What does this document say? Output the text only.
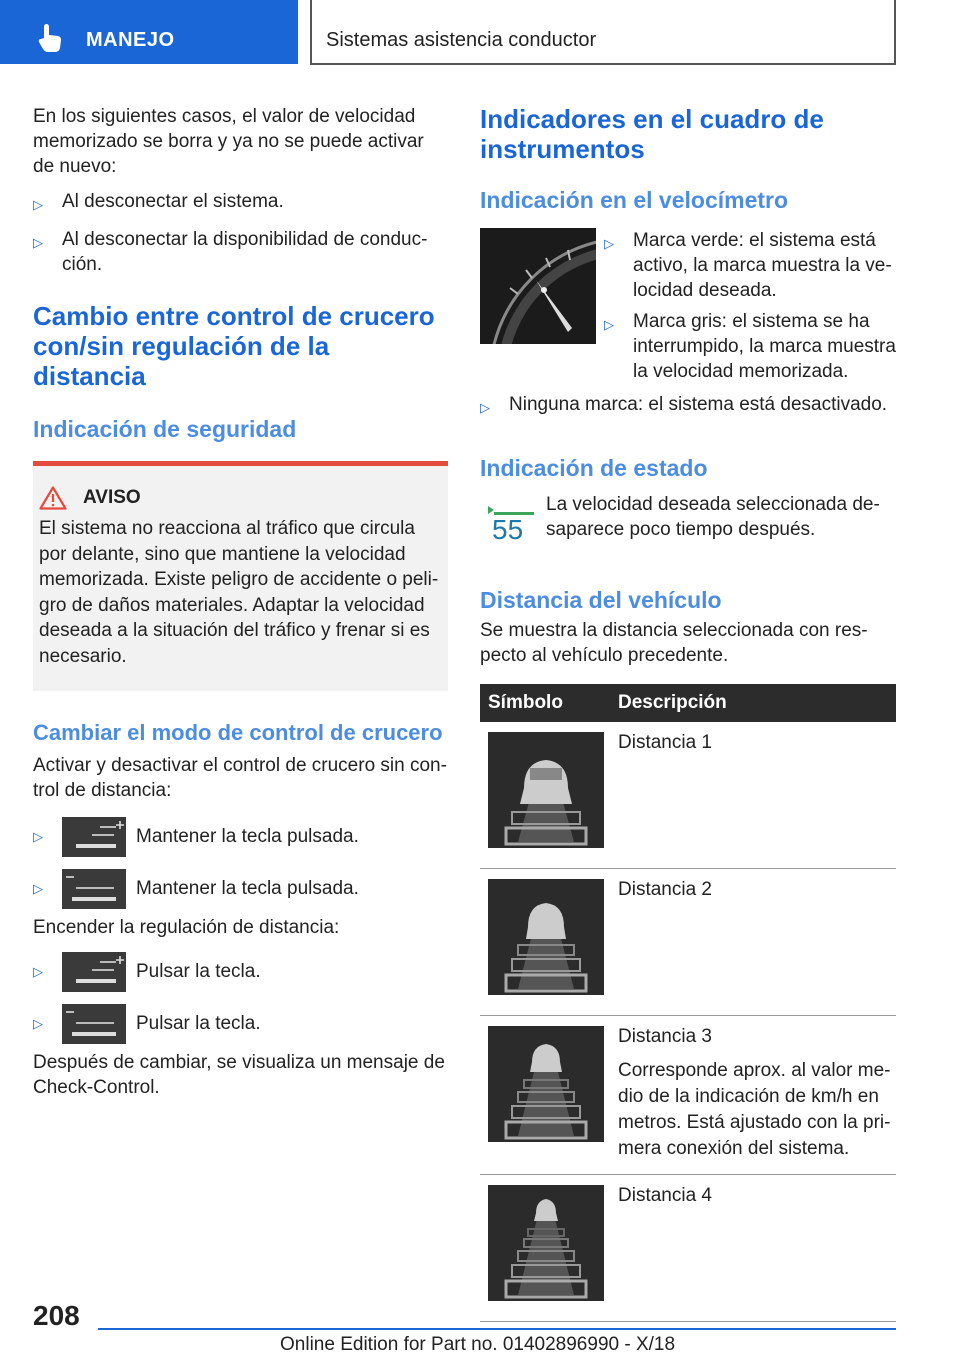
MANEJO	Sistemas asistencia conductor

En los siguientes casos, el valor de velocidad memorizado se borra y ya no se puede activar de nuevo:

▷	Al desconectar el sistema.
▷	Al desconectar la disponibilidad de conducción.
Cambio entre control de crucero con/sin regulación de la distancia
Indicación de seguridad
AVISO

El sistema no reacciona al tráfico que circula por delante, sino que mantiene la velocidad memorizada. Existe peligro de accidente o peligro de daños materiales. Adaptar la velocidad deseada a la situación del tráfico y frenar si es necesario.

Cambiar el modo de control de crucero

Activar y desactivar el control de crucero sin control de distancia:

▷	Mantener la tecla pulsada.
▷	Mantener la tecla pulsada.

Encender la regulación de distancia:

▷	Pulsar la tecla.
▷	Pulsar la tecla.

Después de cambiar, se visualiza un mensaje de Check-Control.

Indicadores en el cuadro de instrumentos
Indicación en el velocímetro
▷	Marca verde: el sistema está activo, la marca muestra la velocidad deseada.
▷	Marca gris: el sistema se ha interrumpido, la marca muestra la velocidad memorizada.
▷	Ninguna marca: el sistema está desactivado.
Indicación de estado
55

La velocidad deseada seleccionada desaparece poco tiempo después.

Distancia del vehículo

Se muestra la distancia seleccionada con respecto al vehículo precedente.

Símbolo	Descripción

Distancia 1

Distancia 2

Distancia 3
Corresponde aprox. al valor medio de la indicación de km/h en metros. Está ajustado con la primera conexión del sistema.

Distancia 4
208
Online Edition for Part no. 01402896990 - X/18
